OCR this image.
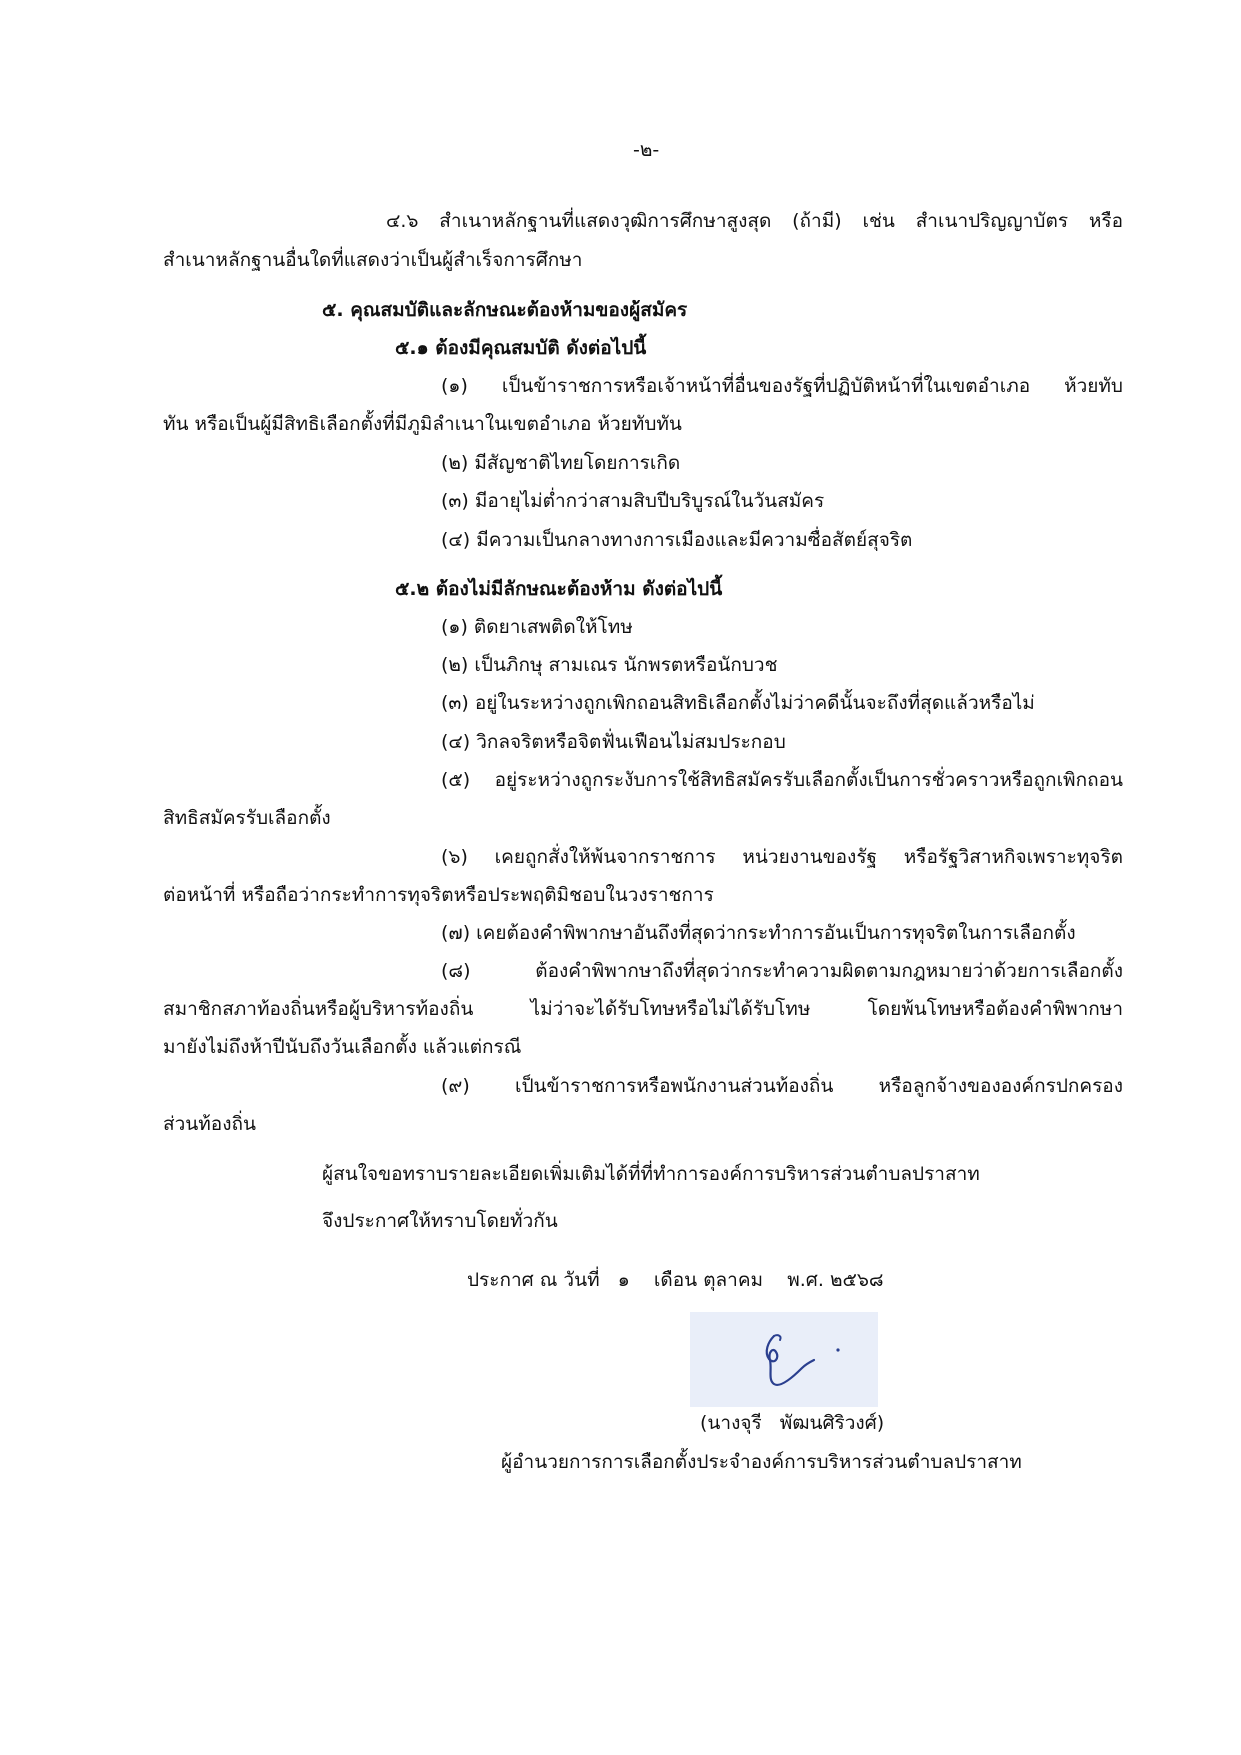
-๒-

๔.๖ สำเนาหลักฐานที่แสดงวุฒิการศึกษาสูงสุด (ถ้ามี) เช่น สำเนาปริญญาบัตร หรือ

สำเนาหลักฐานอื่นใดที่แสดงว่าเป็นผู้สำเร็จการศึกษา

๕. คุณสมบัติและลักษณะต้องห้ามของผู้สมัคร

๕.๑ ต้องมีคุณสมบัติ ดังต่อไปนี้

(๑) เป็นข้าราชการหรือเจ้าหน้าที่อื่นของรัฐที่ปฏิบัติหน้าที่ในเขตอำเภอ ห้วยทับ

ทัน หรือเป็นผู้มีสิทธิเลือกตั้งที่มีภูมิลำเนาในเขตอำเภอ ห้วยทับทัน

(๒) มีสัญชาติไทยโดยการเกิด

(๓) มีอายุไม่ต่ำกว่าสามสิบปีบริบูรณ์ในวันสมัคร

(๔) มีความเป็นกลางทางการเมืองและมีความซื่อสัตย์สุจริต

๕.๒ ต้องไม่มีลักษณะต้องห้าม ดังต่อไปนี้

(๑) ติดยาเสพติดให้โทษ

(๒) เป็นภิกษุ สามเณร นักพรตหรือนักบวช

(๓) อยู่ในระหว่างถูกเพิกถอนสิทธิเลือกตั้งไม่ว่าคดีนั้นจะถึงที่สุดแล้วหรือไม่

(๔) วิกลจริตหรือจิตฟั่นเฟือนไม่สมประกอบ

(๕) อยู่ระหว่างถูกระงับการใช้สิทธิสมัครรับเลือกตั้งเป็นการชั่วคราวหรือถูกเพิกถอน

สิทธิสมัครรับเลือกตั้ง

(๖) เคยถูกสั่งให้พ้นจากราชการ หน่วยงานของรัฐ หรือรัฐวิสาหกิจเพราะทุจริต

ต่อหน้าที่ หรือถือว่ากระทำการทุจริตหรือประพฤติมิชอบในวงราชการ

(๗) เคยต้องคำพิพากษาอันถึงที่สุดว่ากระทำการอันเป็นการทุจริตในการเลือกตั้ง

(๘) ต้องคำพิพากษาถึงที่สุดว่ากระทำความผิดตามกฎหมายว่าด้วยการเลือกตั้ง

สมาชิกสภาท้องถิ่นหรือผู้บริหารท้องถิ่น ไม่ว่าจะได้รับโทษหรือไม่ได้รับโทษ โดยพ้นโทษหรือต้องคำพิพากษา

มายังไม่ถึงห้าปีนับถึงวันเลือกตั้ง แล้วแต่กรณี

(๙) เป็นข้าราชการหรือพนักงานส่วนท้องถิ่น หรือลูกจ้างขององค์กรปกครอง

ส่วนท้องถิ่น

ผู้สนใจขอทราบรายละเอียดเพิ่มเติมได้ที่ที่ทำการองค์การบริหารส่วนตำบลปราสาท

จึงประกาศให้ทราบโดยทั่วกัน

ประกาศ ณ วันที่   ๑    เดือน ตุลาคม    พ.ศ. ๒๕๖๘

(นางจุรี   พัฒนศิริวงศ์)

ผู้อำนวยการการเลือกตั้งประจำองค์การบริหารส่วนตำบลปราสาท
